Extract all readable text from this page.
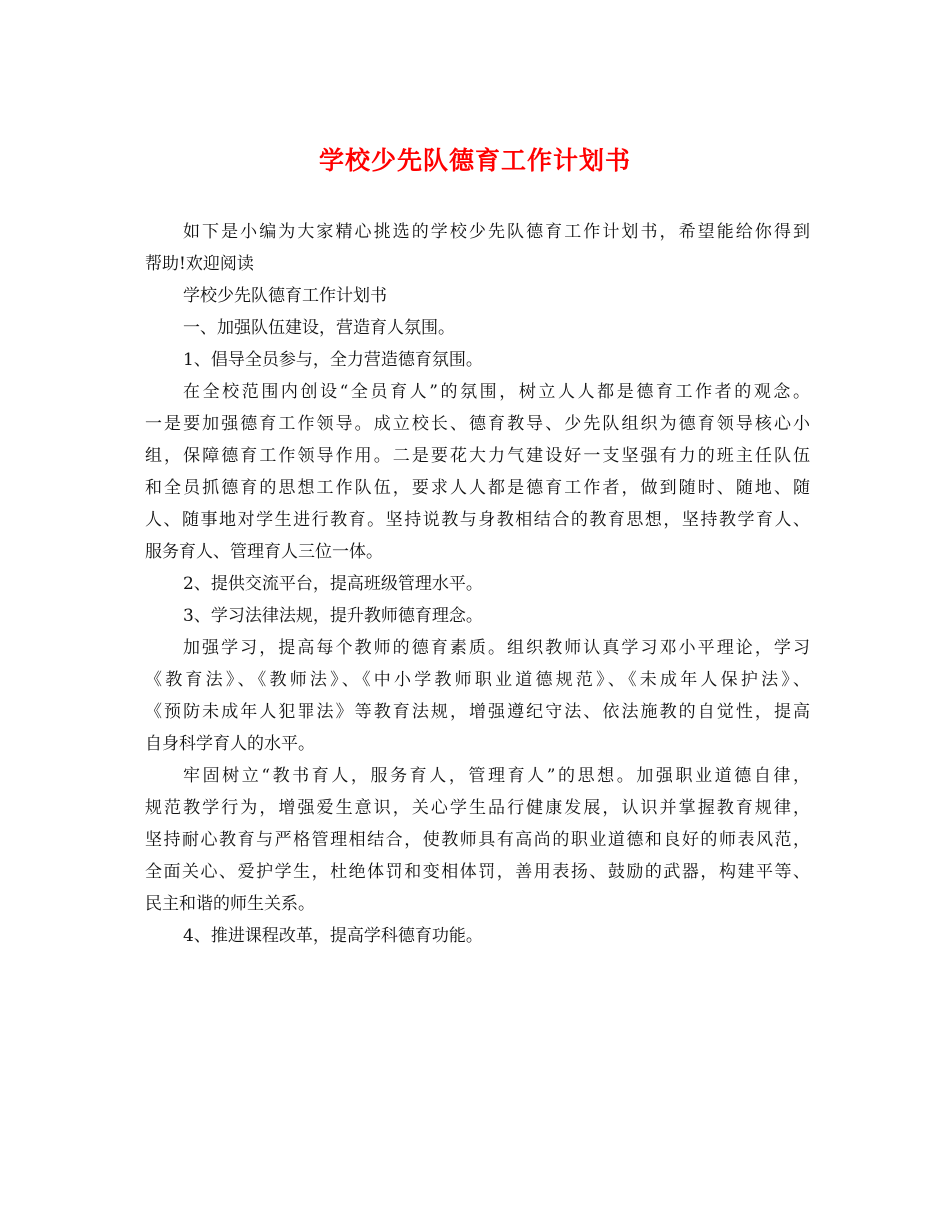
学校少先队德育工作计划书
如下是小编为大家精心挑选的学校少先队德育工作计划书，希望能给你得到
帮助!欢迎阅读
学校少先队德育工作计划书
一、加强队伍建设，营造育人氛围。
1、倡导全员参与，全力营造德育氛围。
在全校范围内创设“全员育人”的氛围，树立人人都是德育工作者的观念。
一是要加强德育工作领导。成立校长、德育教导、少先队组织为德育领导核心小
组，保障德育工作领导作用。二是要花大力气建设好一支坚强有力的班主任队伍
和全员抓德育的思想工作队伍，要求人人都是德育工作者，做到随时、随地、随
人、随事地对学生进行教育。坚持说教与身教相结合的教育思想，坚持教学育人、
服务育人、管理育人三位一体。
2、提供交流平台，提高班级管理水平。
3、学习法律法规，提升教师德育理念。
加强学习，提高每个教师的德育素质。组织教师认真学习邓小平理论，学习
《教育法》、《教师法》、《中小学教师职业道德规范》、《未成年人保护法》、
《预防未成年人犯罪法》等教育法规，增强遵纪守法、依法施教的自觉性，提高
自身科学育人的水平。
牢固树立“教书育人，服务育人，管理育人”的思想。加强职业道德自律，
规范教学行为，增强爱生意识，关心学生品行健康发展，认识并掌握教育规律，
坚持耐心教育与严格管理相结合，使教师具有高尚的职业道德和良好的师表风范，
全面关心、爱护学生，杜绝体罚和变相体罚，善用表扬、鼓励的武器，构建平等、
民主和谐的师生关系。
4、推进课程改革，提高学科德育功能。
